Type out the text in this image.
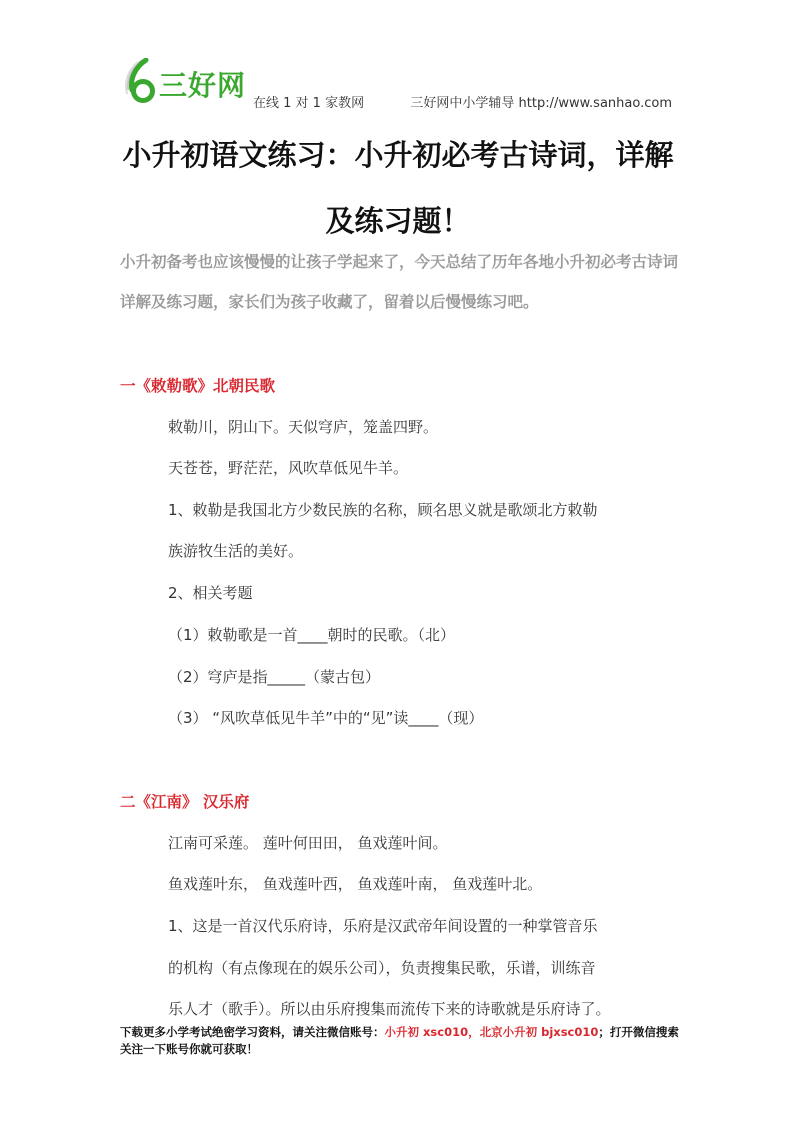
三好网
在线 1 对 1 家教网	三好网中小学辅导 http://www.sanhao.com
小升初语文练习：小升初必考古诗词，详解及练习题！
小升初备考也应该慢慢的让孩子学起来了，今天总结了历年各地小升初必考古诗词详解及练习题，家长们为孩子收藏了，留着以后慢慢练习吧。
一《敕勒歌》北朝民歌
敕勒川，阴山下。天似穹庐，笼盖四野。
天苍苍，野茫茫，风吹草低见牛羊。
1、敕勒是我国北方少数民族的名称，顾名思义就是歌颂北方敕勒
族游牧生活的美好。
2、相关考题
（1）敕勒歌是一首____朝时的民歌。（北）
（2）穹庐是指_____（蒙古包）
（3） “风吹草低见牛羊”中的“见”读____（现）
二《江南》 汉乐府
江南可采莲。 莲叶何田田， 鱼戏莲叶间。
鱼戏莲叶东， 鱼戏莲叶西， 鱼戏莲叶南， 鱼戏莲叶北。
1、这是一首汉代乐府诗，乐府是汉武帝年间设置的一种掌管音乐
的机构（有点像现在的娱乐公司），负责搜集民歌，乐谱，训练音
乐人才（歌手）。所以由乐府搜集而流传下来的诗歌就是乐府诗了。
下载更多小学考试绝密学习资料，请关注微信账号：小升初 xsc010，北京小升初 bjxsc010；打开微信搜索关注一下账号你就可获取！
